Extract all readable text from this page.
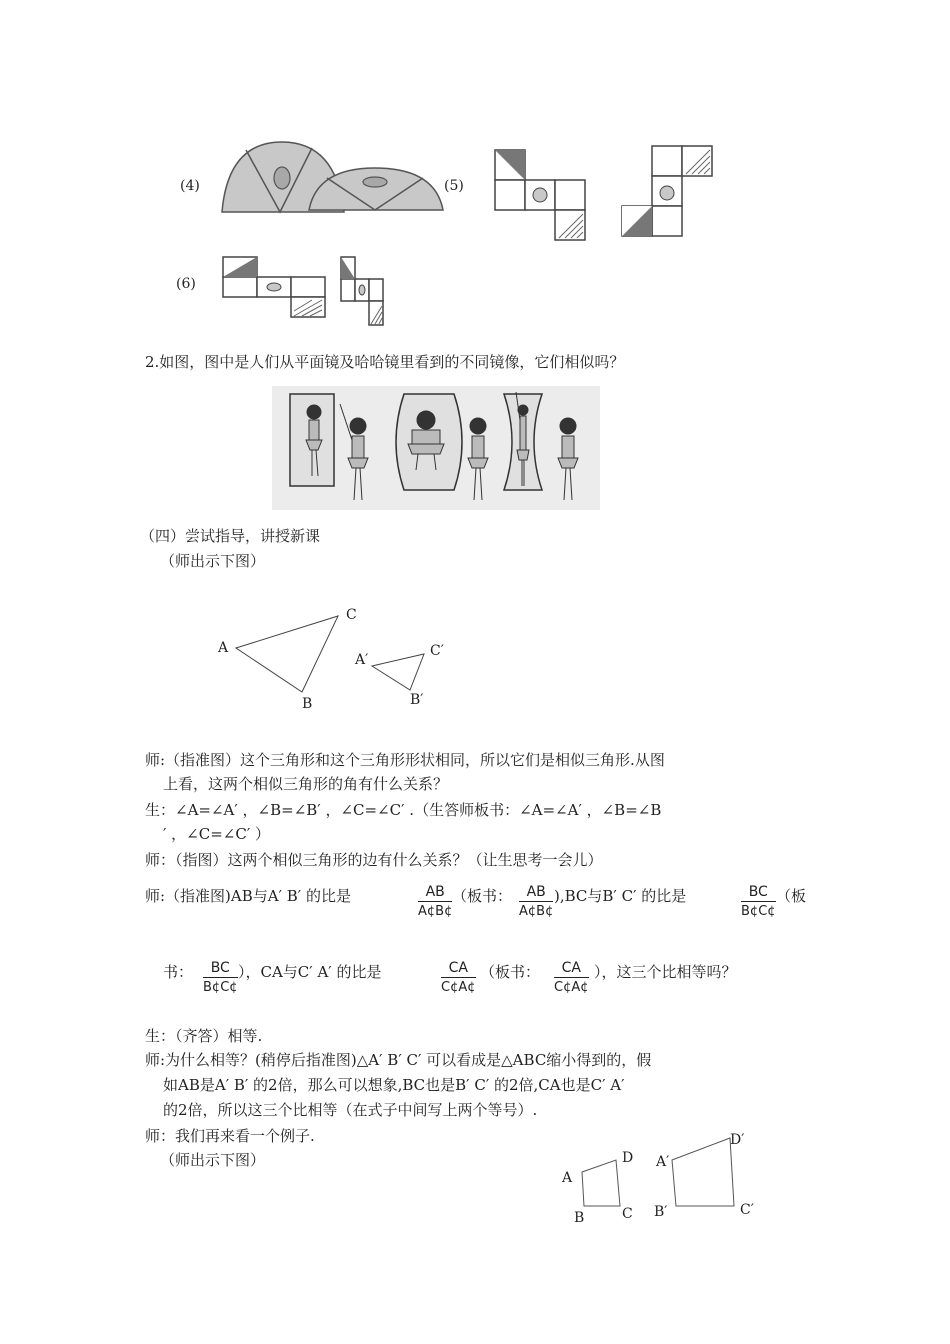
(4)	(5)
(6)
2.如图，图中是人们从平面镜及哈哈镜里看到的不同镜像，它们相似吗？
（四）尝试指导，讲授新课
（师出示下图）
A
C
B
A′
C′
B′
师:（指准图）这个三角形和这个三角形形状相同，所以它们是相似三角形.从图
上看，这两个相似三角形的角有什么关系？
生：∠A=∠A′ ，∠B=∠B′ ，∠C=∠C′ .（生答师板书：∠A=∠A′ ，∠B=∠B
′ ，∠C=∠C′ ）
师：（指图）这两个相似三角形的边有什么关系？（让生思考一会儿）
师:（指准图)AB与A′ B′ 的比是	$\frac{AB}{A¢B¢}$ （板书： $\frac{AB}{A¢B¢} ),BC$与B′ C′ 的比是	$\frac{BC}{B¢C¢}$ （板
书： $\frac{BC}{B¢C¢}$ ），CA与C′ A′ 的比是	$\frac{CA}{C¢A¢}$ （板书： $\frac{CA}{C¢A¢}$ ），这三个比相等吗？
生：（齐答）相等.
师:为什么相等？(稍停后指准图)△A′ B′ C′ 可以看成是△ABC缩小得到的，假
如AB是A′ B′ 的2倍，那么可以想象,BC也是B′ C′ 的2倍,CA也是C′ A′
的2倍，所以这三个比相等（在式子中间写上两个等号）.
师：我们再来看一个例子.
（师出示下图）
A
D
B	C
A′
D′
B′	C′
